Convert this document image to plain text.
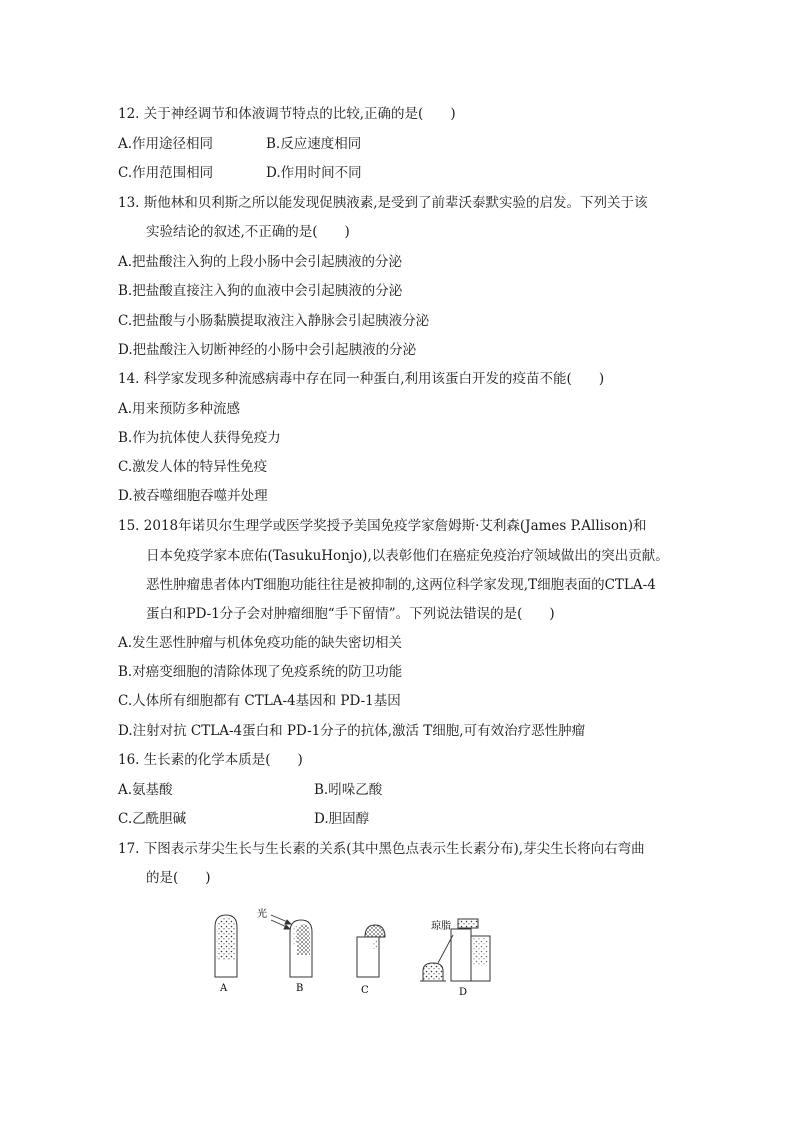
12. 关于神经调节和体液调节特点的比较,正确的是(　　)
A.作用途径相同	B.反应速度相同
C.作用范围相同	D.作用时间不同
13. 斯他林和贝利斯之所以能发现促胰液素,是受到了前辈沃泰默实验的启发。下列关于该
实验结论的叙述,不正确的是(　　)
A.把盐酸注入狗的上段小肠中会引起胰液的分泌
B.把盐酸直接注入狗的血液中会引起胰液的分泌
C.把盐酸与小肠黏膜提取液注入静脉会引起胰液分泌
D.把盐酸注入切断神经的小肠中会引起胰液的分泌
14. 科学家发现多种流感病毒中存在同一种蛋白,利用该蛋白开发的疫苗不能(　　)
A.用来预防多种流感
B.作为抗体使人获得免疫力
C.激发人体的特异性免疫
D.被吞噬细胞吞噬并处理
15. 2018年诺贝尔生理学或医学奖授予美国免疫学家詹姆斯·艾利森(James P.Allison)和
日本免疫学家本庶佑(TasukuHonjo),以表彰他们在癌症免疫治疗领域做出的突出贡献。
恶性肿瘤患者体内T细胞功能往往是被抑制的,这两位科学家发现,T细胞表面的CTLA-4
蛋白和PD-1分子会对肿瘤细胞“手下留情”。下列说法错误的是(　　)
A.发生恶性肿瘤与机体免疫功能的缺失密切相关
B.对癌变细胞的清除体现了免疫系统的防卫功能
C.人体所有细胞都有 CTLA-4基因和 PD-1基因
D.注射对抗 CTLA-4蛋白和 PD-1分子的抗体,激活 T细胞,可有效治疗恶性肿瘤
16. 生长素的化学本质是(　　)
A.氨基酸	B.吲哚乙酸
C.乙酰胆碱	D.胆固醇
17. 下图表示芽尖生长与生长素的关系(其中黑色点表示生长素分布),芽尖生长将向右弯曲
的是(　　)
A
光
B	C
琼脂
D
